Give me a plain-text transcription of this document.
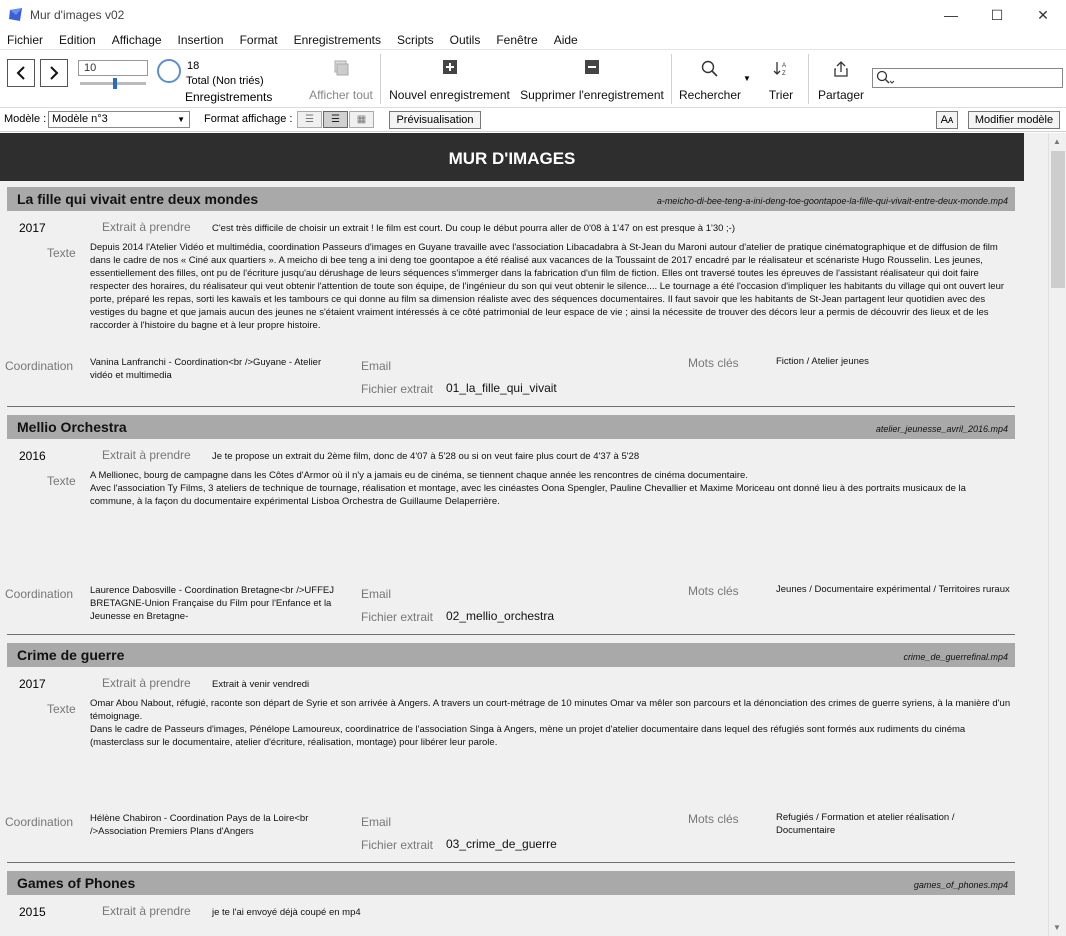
Mur d'images v02	—	☐	✕
Fichier	Edition	Affichage	Insertion	Format	Enregistrements	Scripts	Outils	Fenêtre	Aide
10	18
Total (Non triés)
Enregistrements	Afficher tout	Nouvel enregistrement Supprimer l'enregistrement Rechercher
▼
A
Z
Trier	Partager
Modèle : Modèle n°3	▼ Format affichage : ☰ ☰ ▦	Prévisualisation	Aᴀ	Modifier modèle
MUR D'IMAGES
La fille qui vivait entre deux mondes	a-meicho-di-bee-teng-a-ini-deng-toe-goontapoe-la-fille-qui-vivait-entre-deux-monde.mp4
2017	Extrait à prendre C'est très difficile de choisir un extrait ! le film est court. Du coup le début pourra aller de 0'08 à 1'47 on est presque à 1'30 ;-)
Texte Depuis 2014 l'Atelier Vidéo et multimédia, coordination Passeurs d'images en Guyane travaille avec l'association Libacadabra à St-Jean du Maroni autour d'atelier de pratique cinématographique et de diffusion de film dans le cadre de nos « Ciné aux quartiers ». A meicho di bee teng a ini deng toe goontapoe a été réalisé aux vacances de la Toussaint de 2017 encadré par le réalisateur et scénariste Hugo Rousselin. Les jeunes, essentiellement des filles, ont pu de l'écriture jusqu'au dérushage de leurs séquences s'immerger dans la fabrication d'un film de fiction. Elles ont traversé toutes les épreuves de l'assistant réalisateur qui doit faire respecter des horaires, du réalisateur qui veut obtenir l'attention de toute son équipe, de l'ingénieur du son qui veut obtenir le silence.... Le tournage a été l'occasion d'impliquer les habitants du village qui ont ouvert leur porte, préparé les repas, sorti les kawaïs et les tambours ce qui donne au film sa dimension réaliste avec des séquences documentaires. Il faut savoir que les habitants de St-Jean partagent leur quotidien avec des vestiges du bagne et que jamais aucun des jeunes ne s'étaient vraiment intéressés à ce côté patrimonial de leur espace de vie ; ainsi la nécessite de trouver des décors leur a permis de découvrir des lieux et de les raccorder à l'histoire du bagne et à leur propre histoire.
Coordination Vanina Lanfranchi - Coordination<br />Guyane - Atelier vidéo et multimedia
Email
Fichier extrait 01_la_fille_qui_vivait
Mots clés	Fiction / Atelier jeunes
Mellio Orchestra	atelier_jeunesse_avril_2016.mp4
2016	Extrait à prendre Je te propose un extrait du 2ème film, donc de 4'07 à 5'28 ou si on veut faire plus court de 4'37 à 5'28
Texte A Mellionec, bourg de campagne dans les Côtes d'Armor où il n'y a jamais eu de cinéma, se tiennent chaque année les rencontres de cinéma documentaire.
Avec l'association Ty Films, 3 ateliers de technique de tournage, réalisation et montage, avec les cinéastes Oona Spengler, Pauline Chevallier et Maxime Moriceau ont donné lieu à des portraits musicaux de la commune, à la façon du documentaire expérimental Lisboa Orchestra de Guillaume Delaperrière.
Coordination Laurence Dabosville - Coordination Bretagne<br />UFFEJ BRETAGNE-Union Française du Film pour l'Enfance et la Jeunesse en Bretagne-
Email
Fichier extrait 02_mellio_orchestra
Mots clés	Jeunes / Documentaire expérimental / Territoires ruraux
Crime de guerre	crime_de_guerrefinal.mp4
2017	Extrait à prendre Extrait à venir vendredi
Texte Omar Abou Nabout, réfugié, raconte son départ de Syrie et son arrivée à Angers. A travers un court-métrage de 10 minutes Omar va mêler son parcours et la dénonciation des crimes de guerre syriens, à la manière d'un témoignage.
Dans le cadre de Passeurs d'images, Pénélope Lamoureux, coordinatrice de l'association Singa à Angers, mène un projet d'atelier documentaire dans lequel des réfugiés sont formés aux rudiments du cinéma (masterclass sur le documentaire, atelier d'écriture, réalisation, montage) pour libérer leur parole.
Coordination Hélène Chabiron - Coordination Pays de la Loire<br />Association Premiers Plans d'Angers
Email
Fichier extrait 03_crime_de_guerre
Mots clés	Refugiés / Formation et atelier réalisation / Documentaire
Games of Phones	games_of_phones.mp4
2015	Extrait à prendre je te l'ai envoyé déjà coupé en mp4
▲
▼
